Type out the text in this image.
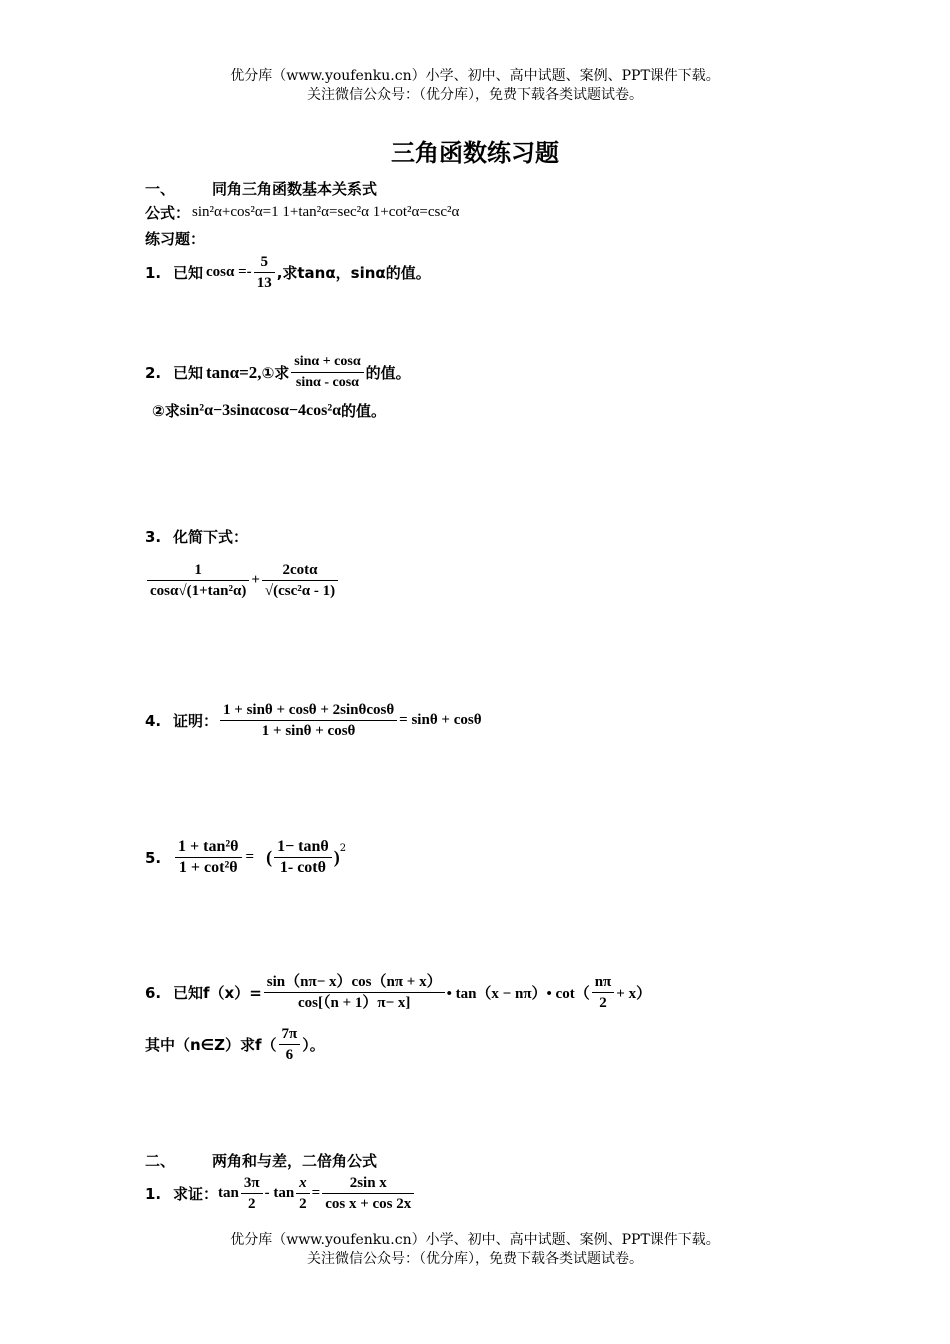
优分库（www.youfenku.cn）小学、初中、高中试题、案例、PPT课件下载。
关注微信公众号：（优分库），免费下载各类试题试卷。
三角函数练习题
一、 同角三角函数基本关系式
公式： sin²α+cos²α=1 1+tan²α=sec²α 1+cot²α=csc²α
练习题：
1. 已知 $\cos\alpha =- \frac{5}{13}$ ,求tanα，sinα的值。
2. 已知 tanα=2, ①求 $\frac{\sin\alpha + \cos\alpha}{\sin\alpha - \cos\alpha}$ 的值。
②求 sin²α−3sinαcosα−4cos²α 的值。
3. 化简下式：
$\frac{1}{\text{cosα√(1+tan²α)}} + \frac{2\cot\alpha}{\text{√(csc²α - 1)}}$
4. 证明： $\frac{1 + \sin\theta + \cos\theta + 2\sin\theta\cos\theta}{1 + \sin\theta + \cos\theta} = \sin\theta + \cos\theta$
5. $\frac{\text{1 + tan²θ}}{\text{1 + cot²θ}}$ = ( $\frac{1- \tan\theta}{1- \cot\theta} )^2$
6. 已知$f(x)= \frac{\sin(n\pi- x)\cos(n\pi + x)}{\cos[(n + 1)\pi- x]}$ • tan（x − nπ）• $\cot( \frac{n\pi}{2} + x)$
其中（n∈Z）求$f( \frac{7\pi}{6}$ ）。
二、 两角和与差，二倍角公式
1. 求证： $\tan \frac{3\pi}{2} - \tan \frac{x}{2} = \frac{\text{2sin x}}{\text{cos x + cos 2x}}$
优分库（www.youfenku.cn）小学、初中、高中试题、案例、PPT课件下载。
关注微信公众号：（优分库），免费下载各类试题试卷。
